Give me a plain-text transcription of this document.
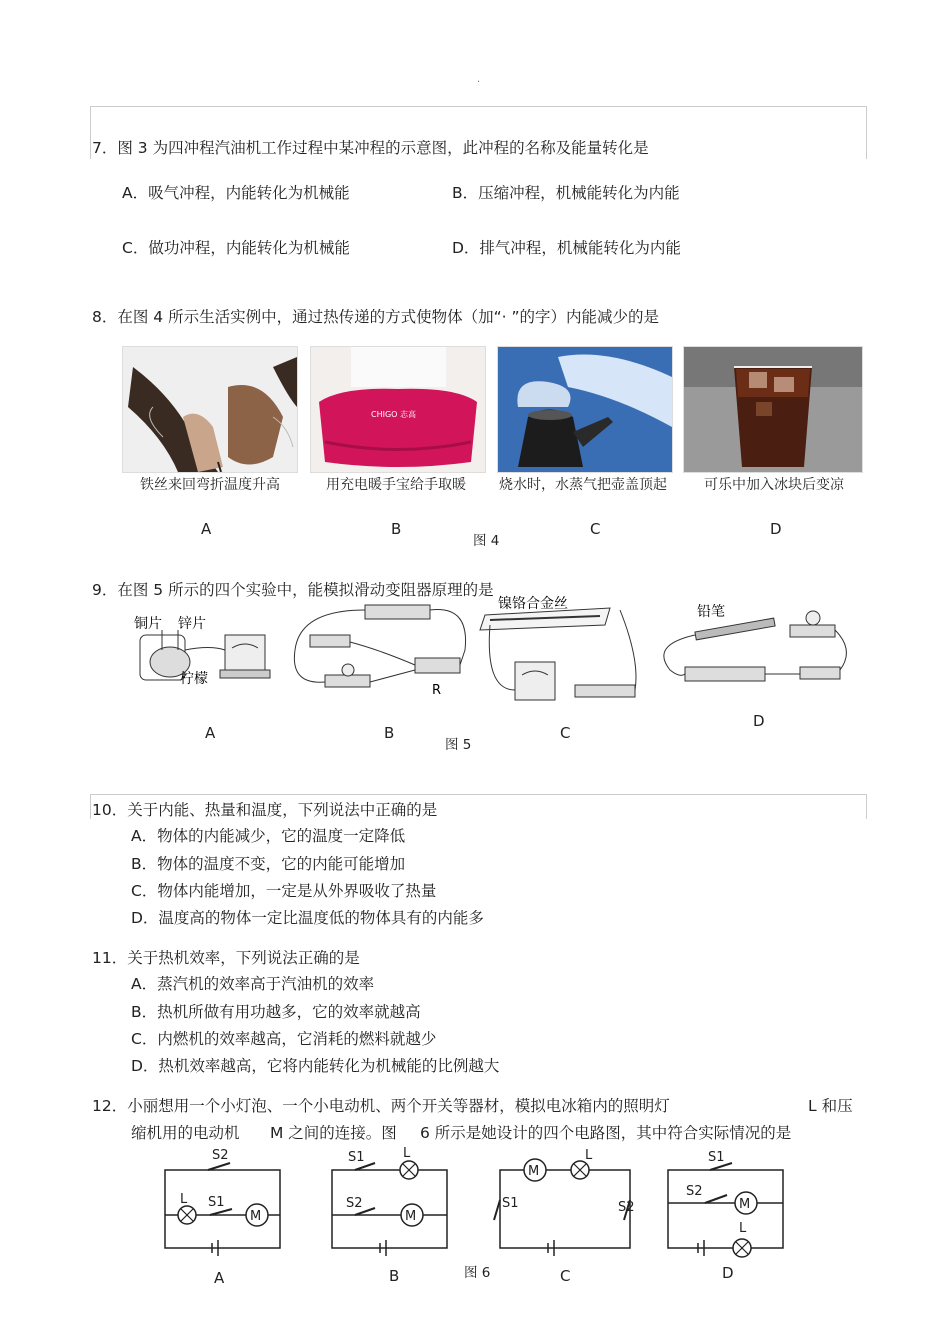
.
7．图 3 为四冲程汽油机工作过程中某冲程的示意图，此冲程的名称及能量转化是
A．吸气冲程，内能转化为机械能	B．压缩冲程，机械能转化为内能
C．做功冲程，内能转化为机械能	D．排气冲程，机械能转化为内能
8．在图 4 所示生活实例中，通过热传递的方式使物体（加“· ”的字）内能减少的是
CHIGO 志高
铁丝来回弯折温度升高	用充电暖手宝给手取暖	烧水时，水蒸气把壶盖顶起	可乐中加入冰块后变凉
A	B	C	D
图 4
9．在图 5 所示的四个实验中，能模拟滑动变阻器原理的是
铜片 锌片
柠檬
R
镍铬合金丝	铅笔
A	B	C
D
图 5
10．关于内能、热量和温度，下列说法中正确的是
A．物体的内能减少，它的温度一定降低
B．物体的温度不变，它的内能可能增加
C．物体内能增加，一定是从外界吸收了热量
D．温度高的物体一定比温度低的物体具有的内能多
11．关于热机效率，下列说法正确的是
A．蒸汽机的效率高于汽油机的效率
B．热机所做有用功越多，它的效率就越高
C．内燃机的效率越高，它消耗的燃料就越少
D．热机效率越高，它将内能转化为机械能的比例越大
12．小丽想用一个小灯泡、一个小电动机、两个开关等器材，模拟电冰箱内的照明灯	L 和压
缩机用的电动机 M 之间的连接。图 6 所示是她设计的四个电路图，其中符合实际情况的是
M
L
S2
S1
M
L
S1
S2
M
L
S1	S2	M
L
S1
S2
A	B	C	D
图 6
